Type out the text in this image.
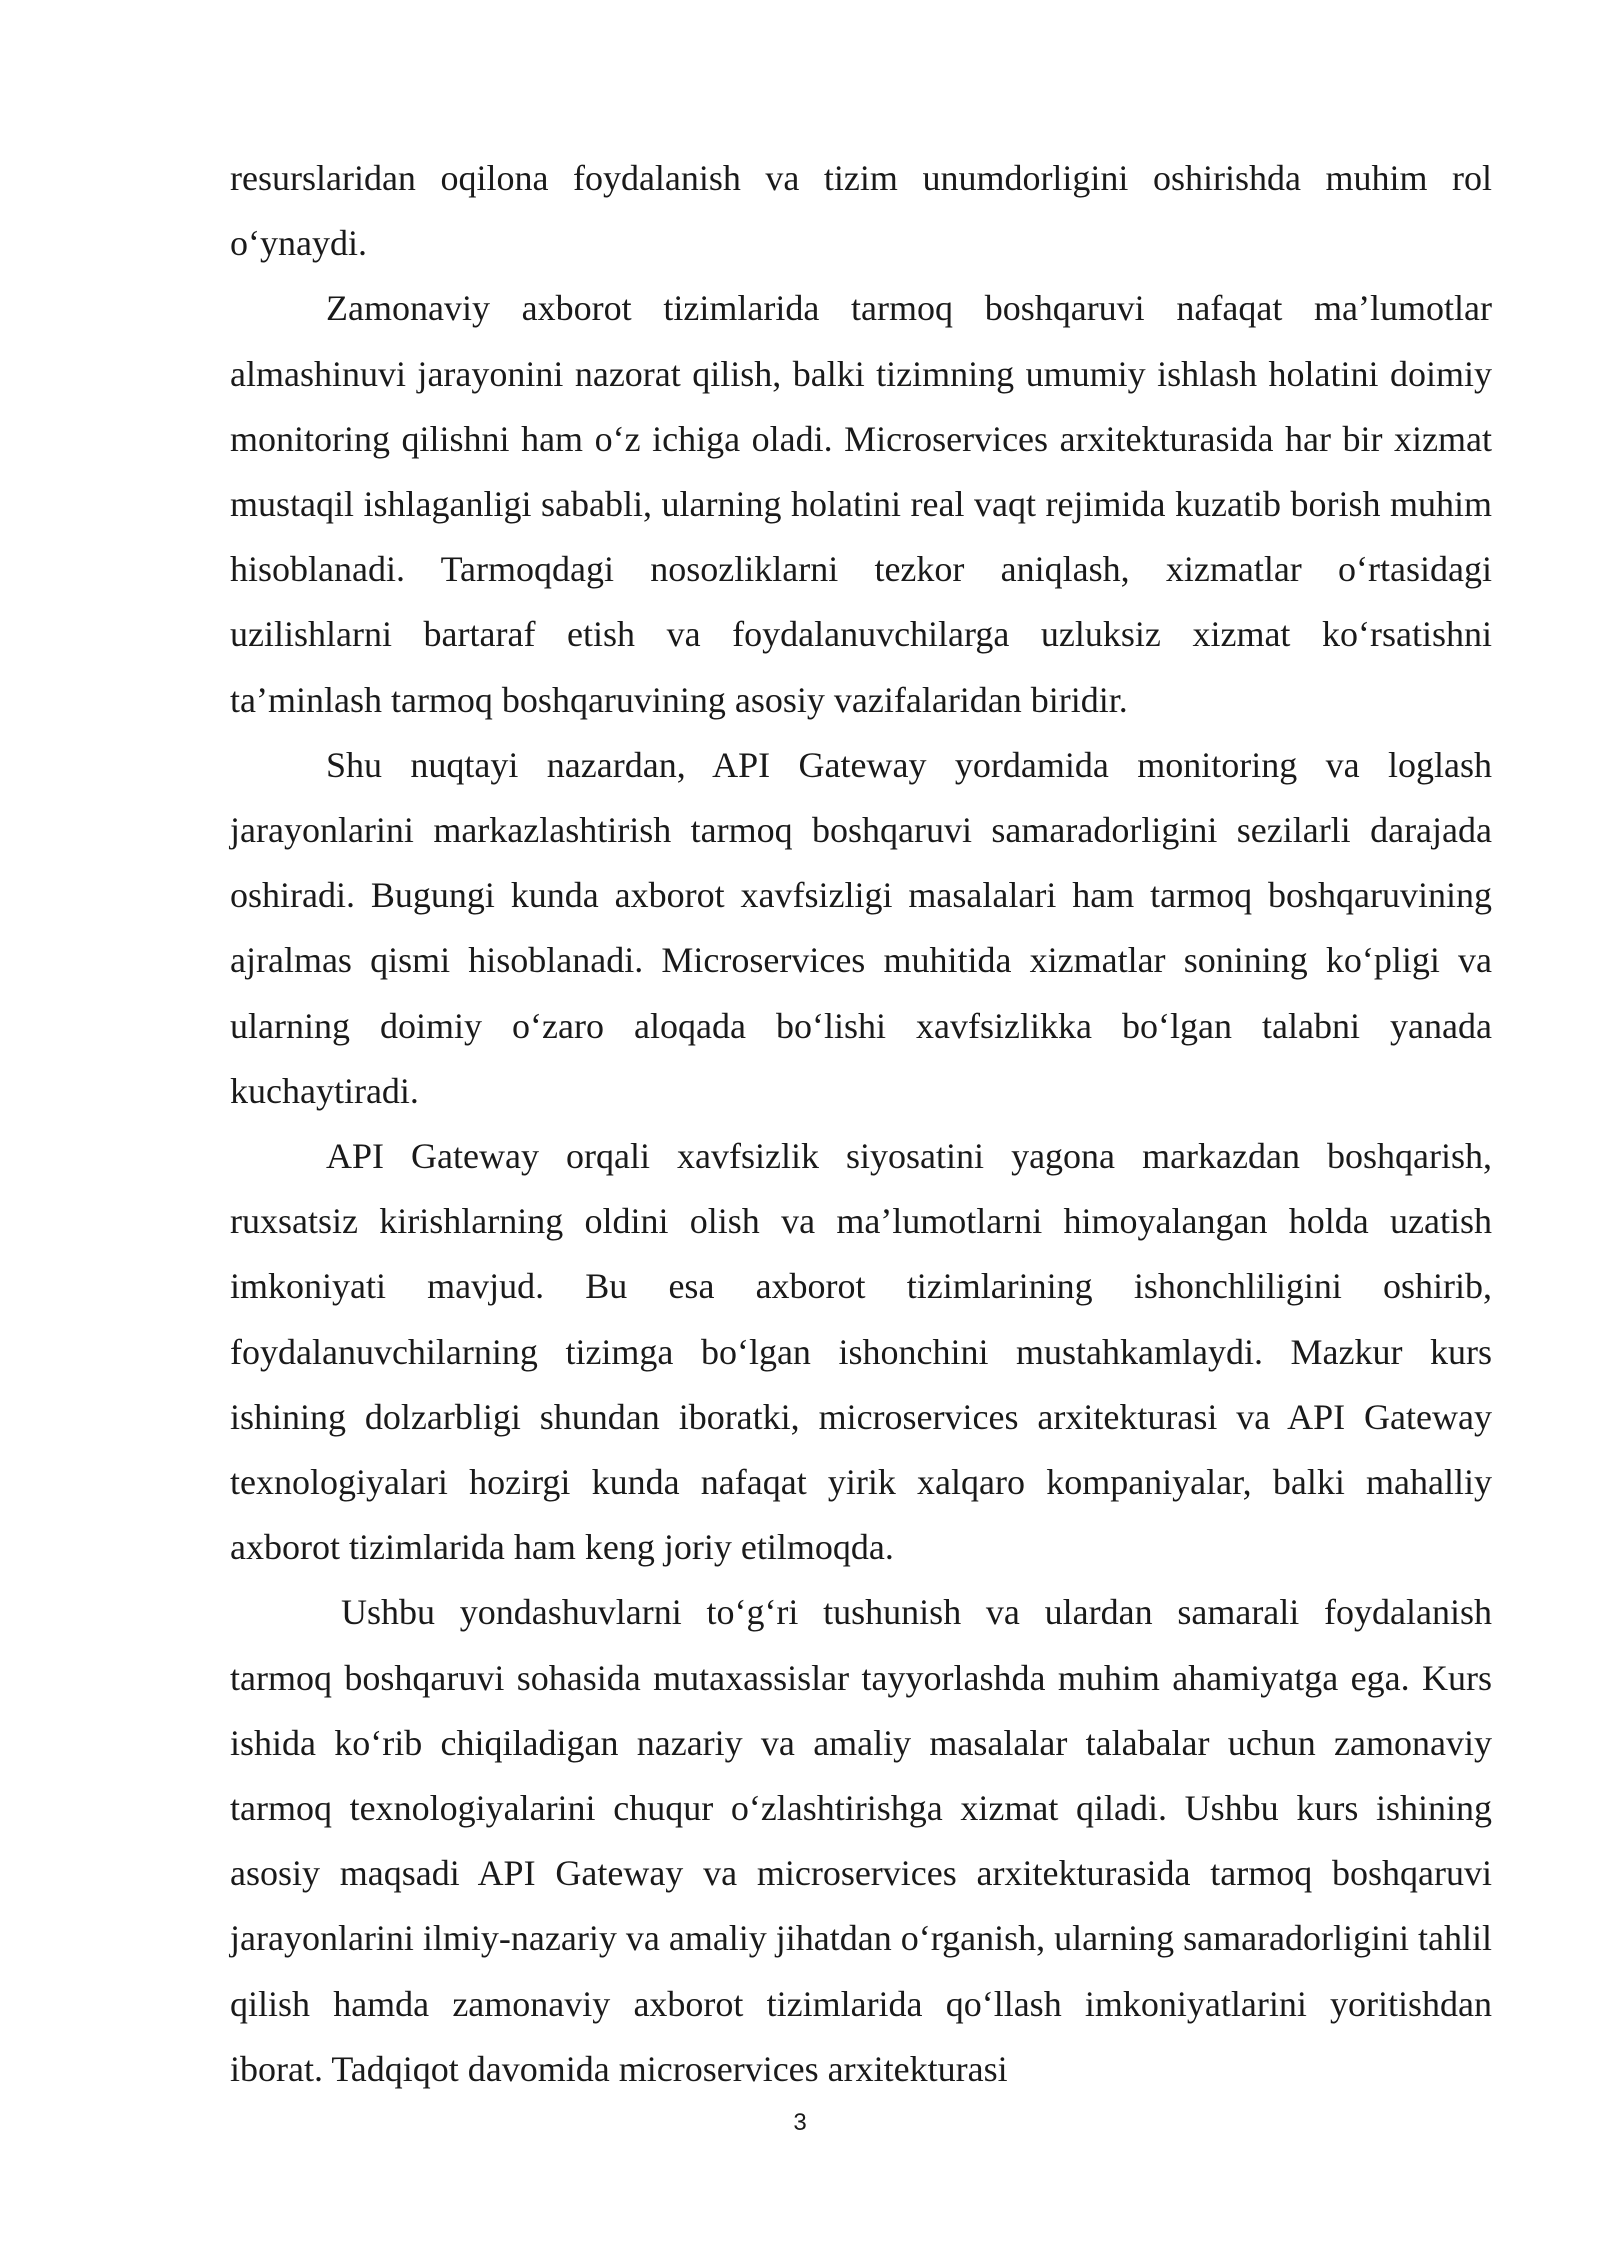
resurslaridan oqilona foydalanish va tizim unumdorligini oshirishda muhim rol o‘ynaydi.

Zamonaviy axborot tizimlarida tarmoq boshqaruvi nafaqat ma’lumotlar almashinuvi jarayonini nazorat qilish, balki tizimning umumiy ishlash holatini doimiy monitoring qilishni ham o‘z ichiga oladi. Microservices arxitekturasida har bir xizmat mustaqil ishlaganligi sababli, ularning holatini real vaqt rejimida kuzatib borish muhim hisoblanadi. Tarmoqdagi nosozliklarni tezkor aniqlash, xizmatlar o‘rtasidagi uzilishlarni bartaraf etish va foydalanuvchilarga uzluksiz xizmat ko‘rsatishni ta’minlash tarmoq boshqaruvining asosiy vazifalaridan biridir.

Shu nuqtayi nazardan, API Gateway yordamida monitoring va loglash jarayonlarini markazlashtirish tarmoq boshqaruvi samaradorligini sezilarli darajada oshiradi. Bugungi kunda axborot xavfsizligi masalalari ham tarmoq boshqaruvining ajralmas qismi hisoblanadi. Microservices muhitida xizmatlar sonining ko‘pligi va ularning doimiy o‘zaro aloqada bo‘lishi xavfsizlikka bo‘lgan talabni yanada kuchaytiradi.

API Gateway orqali xavfsizlik siyosatini yagona markazdan boshqarish, ruxsatsiz kirishlarning oldini olish va ma’lumotlarni himoyalangan holda uzatish imkoniyati mavjud. Bu esa axborot tizimlarining ishonchliligini oshirib, foydalanuvchilarning tizimga bo‘lgan ishonchini mustahkamlaydi. Mazkur kurs ishining dolzarbligi shundan iboratki, microservices arxitekturasi va API Gateway texnologiyalari hozirgi kunda nafaqat yirik xalqaro kompaniyalar, balki mahalliy axborot tizimlarida ham keng joriy etilmoqda.

Ushbu yondashuvlarni to‘g‘ri tushunish va ulardan samarali foydalanish tarmoq boshqaruvi sohasida mutaxassislar tayyorlashda muhim ahamiyatga ega. Kurs ishida ko‘rib chiqiladigan nazariy va amaliy masalalar talabalar uchun zamonaviy tarmoq texnologiyalarini chuqur o‘zlashtirishga xizmat qiladi. Ushbu kurs ishining asosiy maqsadi API Gateway va microservices arxitekturasida tarmoq boshqaruvi jarayonlarini ilmiy-nazariy va amaliy jihatdan o‘rganish, ularning samaradorligini tahlil qilish hamda zamonaviy axborot tizimlarida qo‘llash imkoniyatlarini yoritishdan iborat. Tadqiqot davomida microservices arxitekturasi

3
